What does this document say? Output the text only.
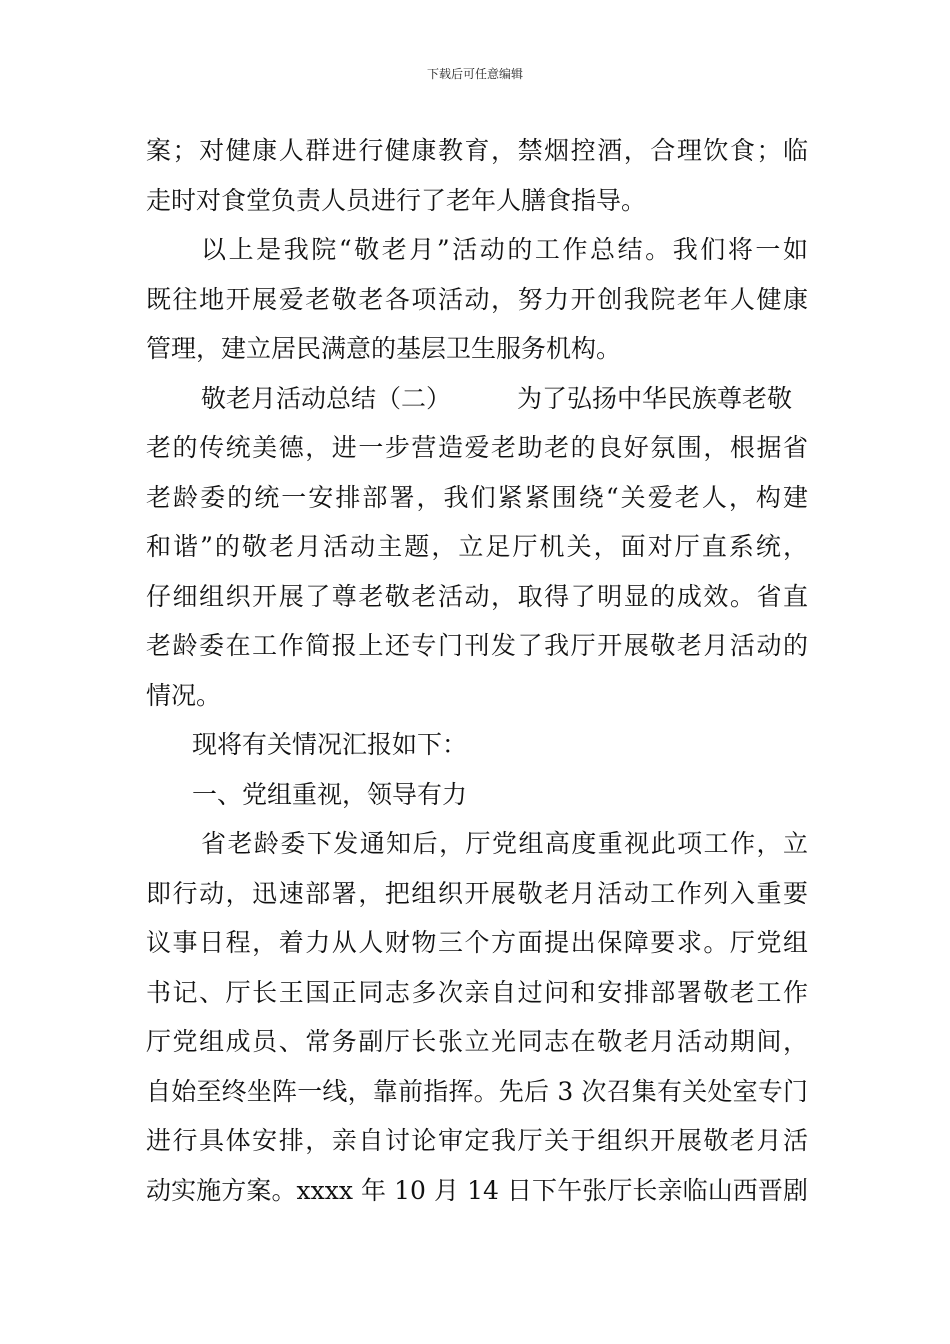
下载后可任意编辑
案；对健康人群进行健康教育，禁烟控酒，合理饮食；临
走时对食堂负责人员进行了老年人膳食指导。
以上是我院“敬老月”活动的工作总结。我们将一如
既往地开展爱老敬老各项活动，努力开创我院老年人健康
管理，建立居民满意的基层卫生服务机构。
敬老月活动总结（二）	为了弘扬中华民族尊老敬
老的传统美德，进一步营造爱老助老的良好氛围，根据省
老龄委的统一安排部署，我们紧紧围绕“关爱老人，构建
和谐”的敬老月活动主题，立足厅机关，面对厅直系统，
仔细组织开展了尊老敬老活动，取得了明显的成效。省直
老龄委在工作简报上还专门刊发了我厅开展敬老月活动的
情况。
现将有关情况汇报如下：
一、党组重视，领导有力
省老龄委下发通知后，厅党组高度重视此项工作，立
即行动，迅速部署，把组织开展敬老月活动工作列入重要
议事日程，着力从人财物三个方面提出保障要求。厅党组
书记、厅长王国正同志多次亲自过问和安排部署敬老工作
厅党组成员、常务副厅长张立光同志在敬老月活动期间，
自始至终坐阵一线，靠前指挥。先后 3 次召集有关处室专门
进行具体安排，亲自讨论审定我厅关于组织开展敬老月活
动实施方案。xxxx 年 10 月 14 日下午张厅长亲临山西晋剧
